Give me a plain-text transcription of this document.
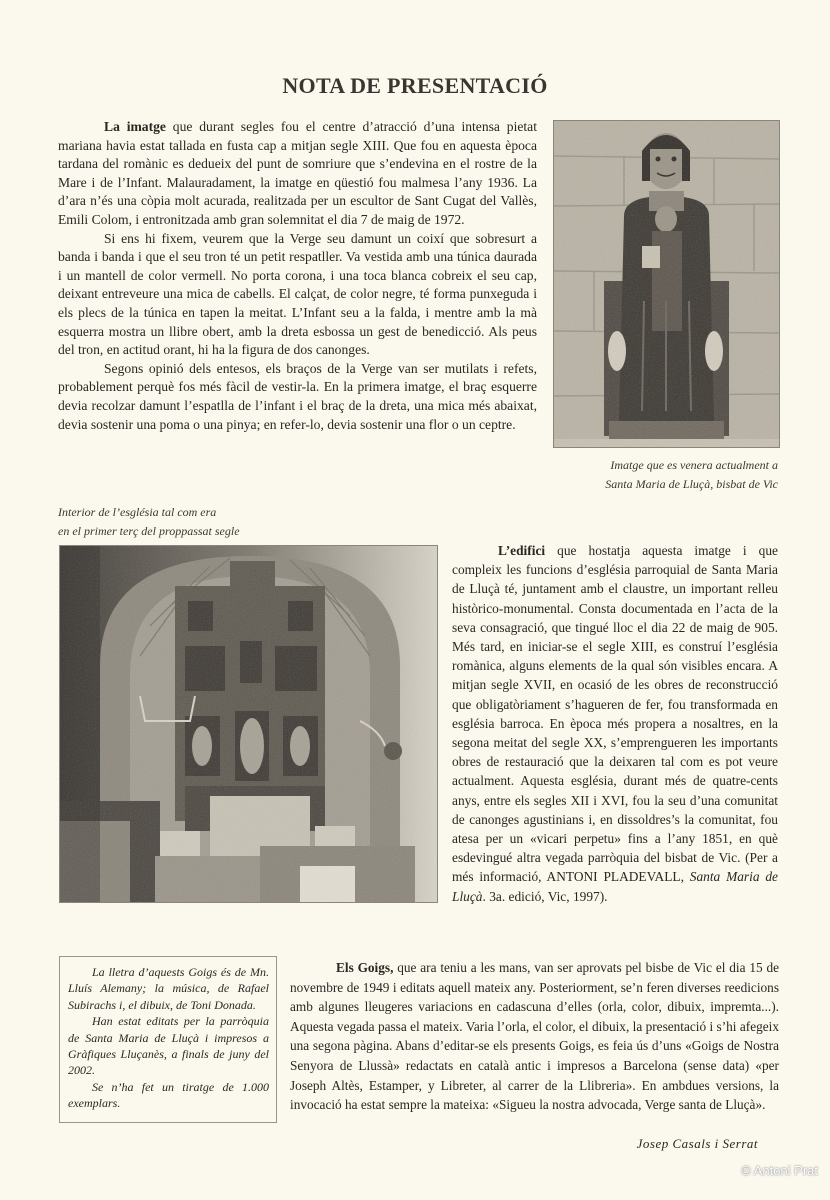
NOTA DE PRESENTACIÓ

La imatge que durant segles fou el centre d’atracció d’una intensa pietat mariana havia estat tallada en fusta cap a mitjan segle XIII. Que fou en aquesta època tardana del romànic es dedueix del punt de somriure que s’endevina en el rostre de la Mare i de l’Infant. Malauradament, la imatge en qüestió fou malmesa l’any 1936. La d’ara n’és una còpia molt acurada, realitzada per un escultor de Sant Cugat del Vallès, Emili Colom, i entronitzada amb gran solemnitat el dia 7 de maig de 1972.

Si ens hi fixem, veurem que la Verge seu damunt un coixí que sobresurt a banda i banda i que el seu tron té un petit respatller. Va vestida amb una túnica daurada i un mantell de color vermell. No porta corona, i una toca blanca cobreix el seu cap, deixant entreveure una mica de cabells. El calçat, de color negre, té forma punxeguda i els plecs de la túnica en tapen la meitat. L’Infant seu a la falda, i mentre amb la mà esquerra mostra un llibre obert, amb la dreta esbossa un gest de benedicció. Als peus del tron, en actitud orant, hi ha la figura de dos canonges.

Segons opinió dels entesos, els braços de la Verge van ser mutilats i refets, probablement perquè fos més fàcil de vestir-la. En la primera imatge, el braç esquerre devia recolzar damunt l’espatlla de l’infant i el braç de la dreta, una mica més abaixat, devia sostenir una poma o una pinya; en refer-lo, devia sostenir una flor o un ceptre.

Imatge que es venera actualment a
Santa Maria de Lluçà, bisbat de Vic
Interior de l’església tal com era
en el primer terç del proppassat segle

L’edifici que hostatja aquesta imatge i que compleix les funcions d’església parroquial de Santa Maria de Lluçà té, juntament amb el claustre, un important relleu històrico-monumental. Consta documentada en l’acta de la seva consagració, que tingué lloc el dia 22 de maig de 905. Més tard, en iniciar-se el segle XIII, es construí l’església romànica, alguns elements de la qual són visibles encara. A mitjan segle XVII, en ocasió de les obres de reconstrucció que obligatòriament s’hagueren de fer, fou transformada en església barroca. En època més propera a nosaltres, en la segona meitat del segle XX, s’emprengueren les importants obres de restauració que la deixaren tal com es pot veure actualment. Aquesta església, durant més de quatre-cents anys, entre els segles XII i XVI, fou la seu d’una comunitat de canonges agustinians i, en dissoldres’s la comunitat, fou atesa per un «vicari perpetu» fins a l’any 1851, en què esdevingué altra vegada parròquia del bisbat de Vic. (Per a més informació, ANTONI PLADEVALL, Santa Maria de Lluçà. 3a. edició, Vic, 1997).

La lletra d’aquests Goigs és de Mn. Lluís Alemany; la música, de Rafael Subirachs i, el dibuix, de Toni Donada.

Han estat editats per la parròquia de Santa Maria de Lluçà i impresos a Gràfiques Lluçanès, a finals de juny del 2002.

Se n’ha fet un tiratge de 1.000 exemplars.

Els Goigs, que ara teniu a les mans, van ser aprovats pel bisbe de Vic el dia 15 de novembre de 1949 i editats aquell mateix any. Posteriorment, se’n feren diverses reedicions amb algunes lleugeres variacions en cadascuna d’elles (orla, color, dibuix, impremta...). Aquesta vegada passa el mateix. Varia l’orla, el color, el dibuix, la presentació i s’hi afegeix una segona pàgina. Abans d’editar-se els presents Goigs, es feia ús d’uns «Goigs de Nostra Senyora de Llussà» redactats en català antic i impresos a Barcelona (sense data) «per Joseph Altès, Estamper, y Libreter, al carrer de la Llibreria». En ambdues versions, la invocació ha estat sempre la mateixa: «Sigueu la nostra advocada, Verge santa de Lluçà».

Josep Casals i Serrat
© Antoni Prat
